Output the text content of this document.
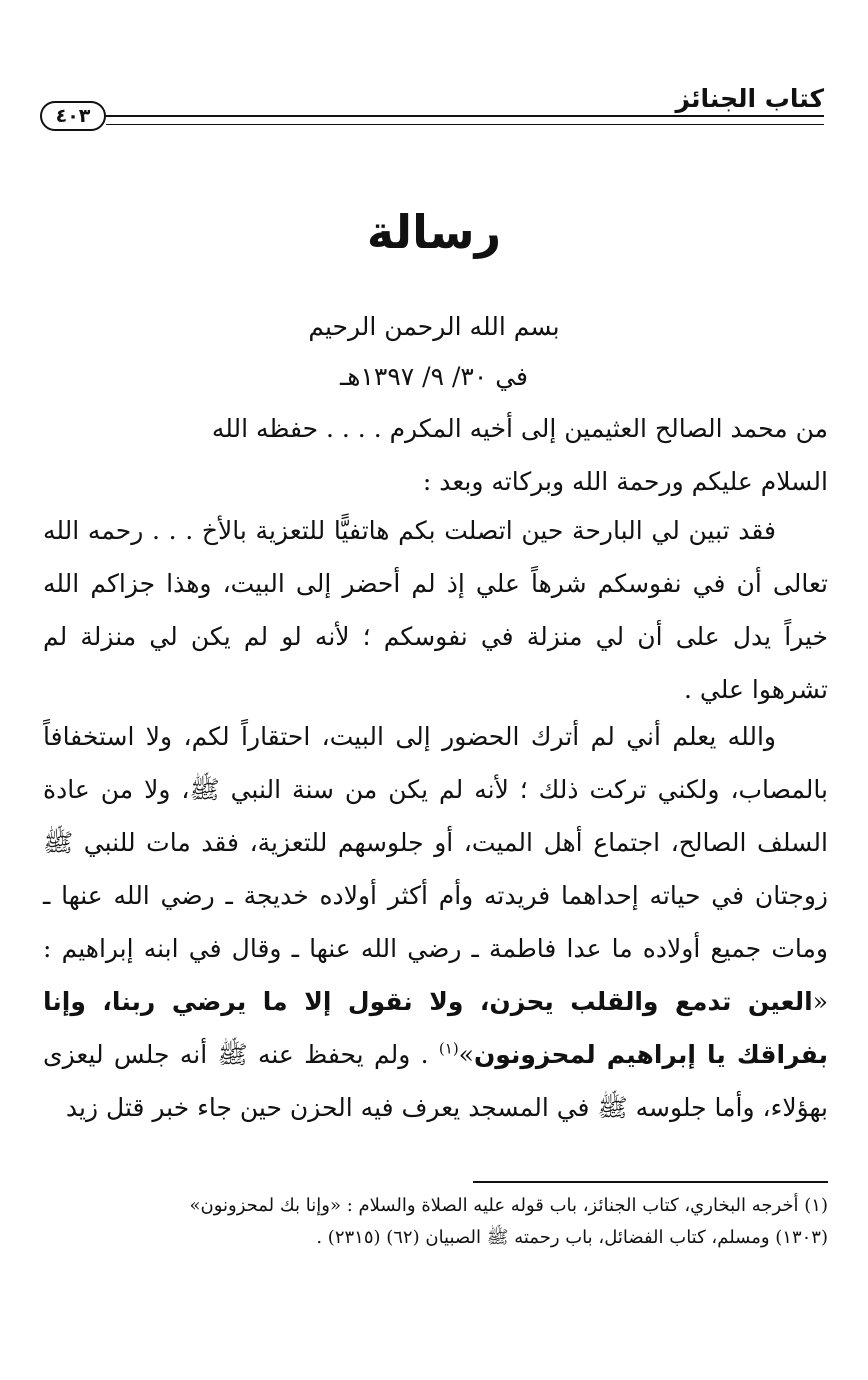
كتاب الجنائز
٤٠٣
رسالة
بسم الله الرحمن الرحيم
في ٣٠/ ٩/ ١٣٩٧هـ
من محمد الصالح العثيمين إلى أخيه المكرم . . . . حفظه الله
السلام عليكم ورحمة الله وبركاته وبعد :
فقد تبين لي البارحة حين اتصلت بكم هاتفيًّا للتعزية بالأخ . . . رحمه الله تعالى أن في نفوسكم شرهاً علي إذ لم أحضر إلى البيت، وهذا جزاكم الله خيراً يدل على أن لي منزلة في نفوسكم ؛ لأنه لو لم يكن لي منزلة لم تشرهوا علي .
والله يعلم أني لم أترك الحضور إلى البيت، احتقاراً لكم، ولا استخفافاً بالمصاب، ولكني تركت ذلك ؛ لأنه لم يكن من سنة النبي ﷺ، ولا من عادة السلف الصالح، اجتماع أهل الميت، أو جلوسهم للتعزية، فقد مات للنبي ﷺ زوجتان في حياته إحداهما فريدته وأم أكثر أولاده خديجة ـ رضي الله عنها ـ ومات جميع أولاده ما عدا فاطمة ـ رضي الله عنها ـ وقال في ابنه إبراهيم : «العين تدمع والقلب يحزن، ولا نقول إلا ما يرضي ربنا، وإنا بفراقك يا إبراهيم لمحزونون»$^{(١)}$ . ولم يحفظ عنه ﷺ أنه جلس ليعزى بهؤلاء، وأما جلوسه ﷺ في المسجد يعرف فيه الحزن حين جاء خبر قتل زيد

(١) أخرجه البخاري، كتاب الجنائز، باب قوله عليه الصلاة والسلام : «وإنا بك لمحزونون»

(١٣٠٣) ومسلم، كتاب الفضائل، باب رحمته ﷺ الصبيان (٦٢) (٢٣١٥) .
